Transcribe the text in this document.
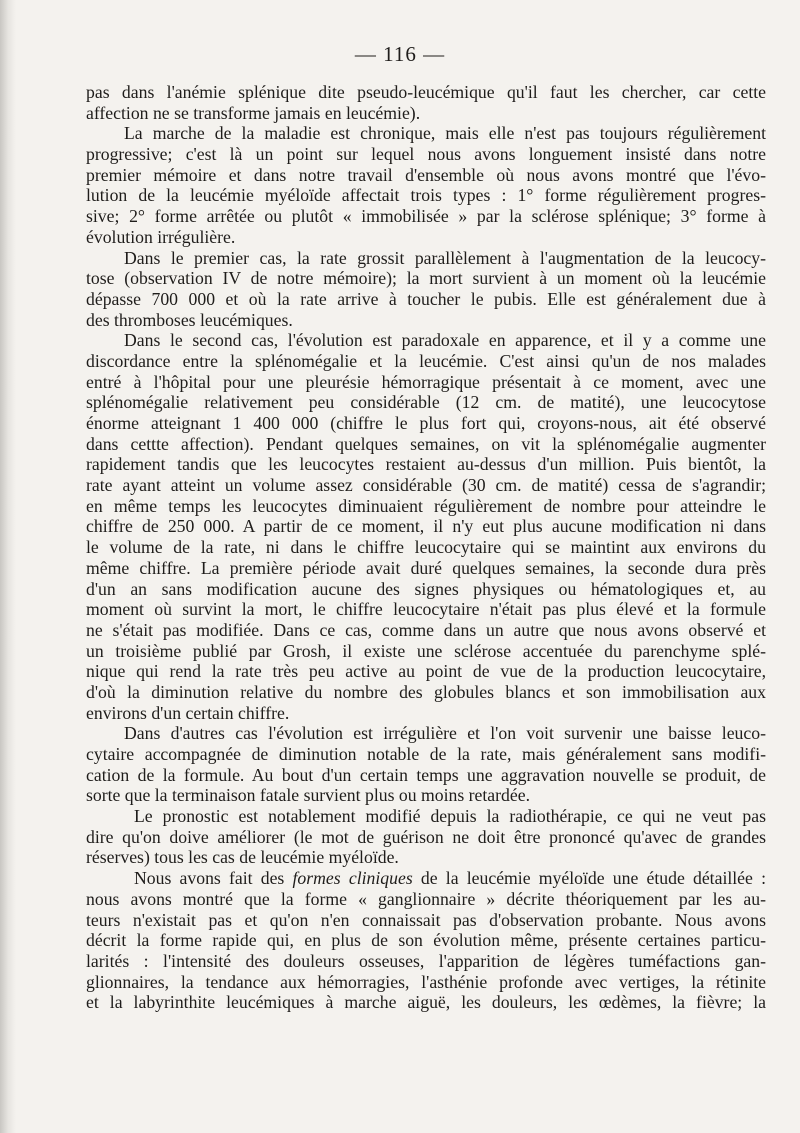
— 116 —
pas dans l'anémie splénique dite pseudo-leucémique qu'il faut les chercher, car cette
affection ne se transforme jamais en leucémie).
La marche de la maladie est chronique, mais elle n'est pas toujours régulièrement
progressive; c'est là un point sur lequel nous avons longuement insisté dans notre
premier mémoire et dans notre travail d'ensemble où nous avons montré que l'évo-
lution de la leucémie myéloïde affectait trois types : 1° forme régulièrement progres-
sive; 2° forme arrêtée ou plutôt « immobilisée » par la sclérose splénique; 3° forme à
évolution irrégulière.
Dans le premier cas, la rate grossit parallèlement à l'augmentation de la leucocy-
tose (observation IV de notre mémoire); la mort survient à un moment où la leucémie
dépasse 700 000 et où la rate arrive à toucher le pubis. Elle est généralement due à
des thromboses leucémiques.
Dans le second cas, l'évolution est paradoxale en apparence, et il y a comme une
discordance entre la splénomégalie et la leucémie. C'est ainsi qu'un de nos malades
entré à l'hôpital pour une pleurésie hémorragique présentait à ce moment, avec une
splénomégalie relativement peu considérable (12 cm. de matité), une leucocytose
énorme atteignant 1 400 000 (chiffre le plus fort qui, croyons-nous, ait été observé
dans cettte affection). Pendant quelques semaines, on vit la splénomégalie augmenter
rapidement tandis que les leucocytes restaient au-dessus d'un million. Puis bientôt, la
rate ayant atteint un volume assez considérable (30 cm. de matité) cessa de s'agrandir;
en même temps les leucocytes diminuaient régulièrement de nombre pour atteindre le
chiffre de 250 000. A partir de ce moment, il n'y eut plus aucune modification ni dans
le volume de la rate, ni dans le chiffre leucocytaire qui se maintint aux environs du
même chiffre. La première période avait duré quelques semaines, la seconde dura près
d'un an sans modification aucune des signes physiques ou hématologiques et, au
moment où survint la mort, le chiffre leucocytaire n'était pas plus élevé et la formule
ne s'était pas modifiée. Dans ce cas, comme dans un autre que nous avons observé et
un troisième publié par Grosh, il existe une sclérose accentuée du parenchyme splé-
nique qui rend la rate très peu active au point de vue de la production leucocytaire,
d'où la diminution relative du nombre des globules blancs et son immobilisation aux
environs d'un certain chiffre.
Dans d'autres cas l'évolution est irrégulière et l'on voit survenir une baisse leuco-
cytaire accompagnée de diminution notable de la rate, mais généralement sans modifi-
cation de la formule. Au bout d'un certain temps une aggravation nouvelle se produit, de
sorte que la terminaison fatale survient plus ou moins retardée.
Le pronostic est notablement modifié depuis la radiothérapie, ce qui ne veut pas
dire qu'on doive améliorer (le mot de guérison ne doit être prononcé qu'avec de grandes
réserves) tous les cas de leucémie myéloïde.
Nous avons fait des formes cliniques de la leucémie myéloïde une étude détaillée :
nous avons montré que la forme « ganglionnaire » décrite théoriquement par les au-
teurs n'existait pas et qu'on n'en connaissait pas d'observation probante. Nous avons
décrit la forme rapide qui, en plus de son évolution même, présente certaines particu-
larités : l'intensité des douleurs osseuses, l'apparition de légères tuméfactions gan-
glionnaires, la tendance aux hémorragies, l'asthénie profonde avec vertiges, la rétinite
et la labyrinthite leucémiques à marche aiguë, les douleurs, les œdèmes, la fièvre; la
